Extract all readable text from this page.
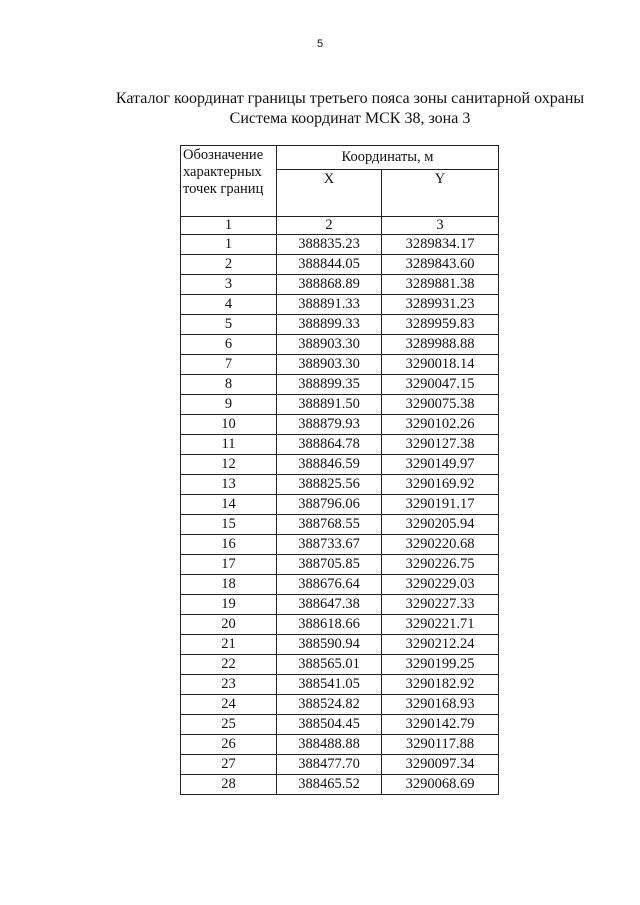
5
Каталог координат границы третьего пояса зоны санитарной охраны
Система координат МСК 38, зона 3
Обозначение характерных точек границ	Координаты, м	
	X	Y
1	2	3
1	388835.23	3289834.17
2	388844.05	3289843.60
3	388868.89	3289881.38
4	388891.33	3289931.23
5	388899.33	3289959.83
6	388903.30	3289988.88
7	388903.30	3290018.14
8	388899.35	3290047.15
9	388891.50	3290075.38
10	388879.93	3290102.26
11	388864.78	3290127.38
12	388846.59	3290149.97
13	388825.56	3290169.92
14	388796.06	3290191.17
15	388768.55	3290205.94
16	388733.67	3290220.68
17	388705.85	3290226.75
18	388676.64	3290229.03
19	388647.38	3290227.33
20	388618.66	3290221.71
21	388590.94	3290212.24
22	388565.01	3290199.25
23	388541.05	3290182.92
24	388524.82	3290168.93
25	388504.45	3290142.79
26	388488.88	3290117.88
27	388477.70	3290097.34
28	388465.52	3290068.69
